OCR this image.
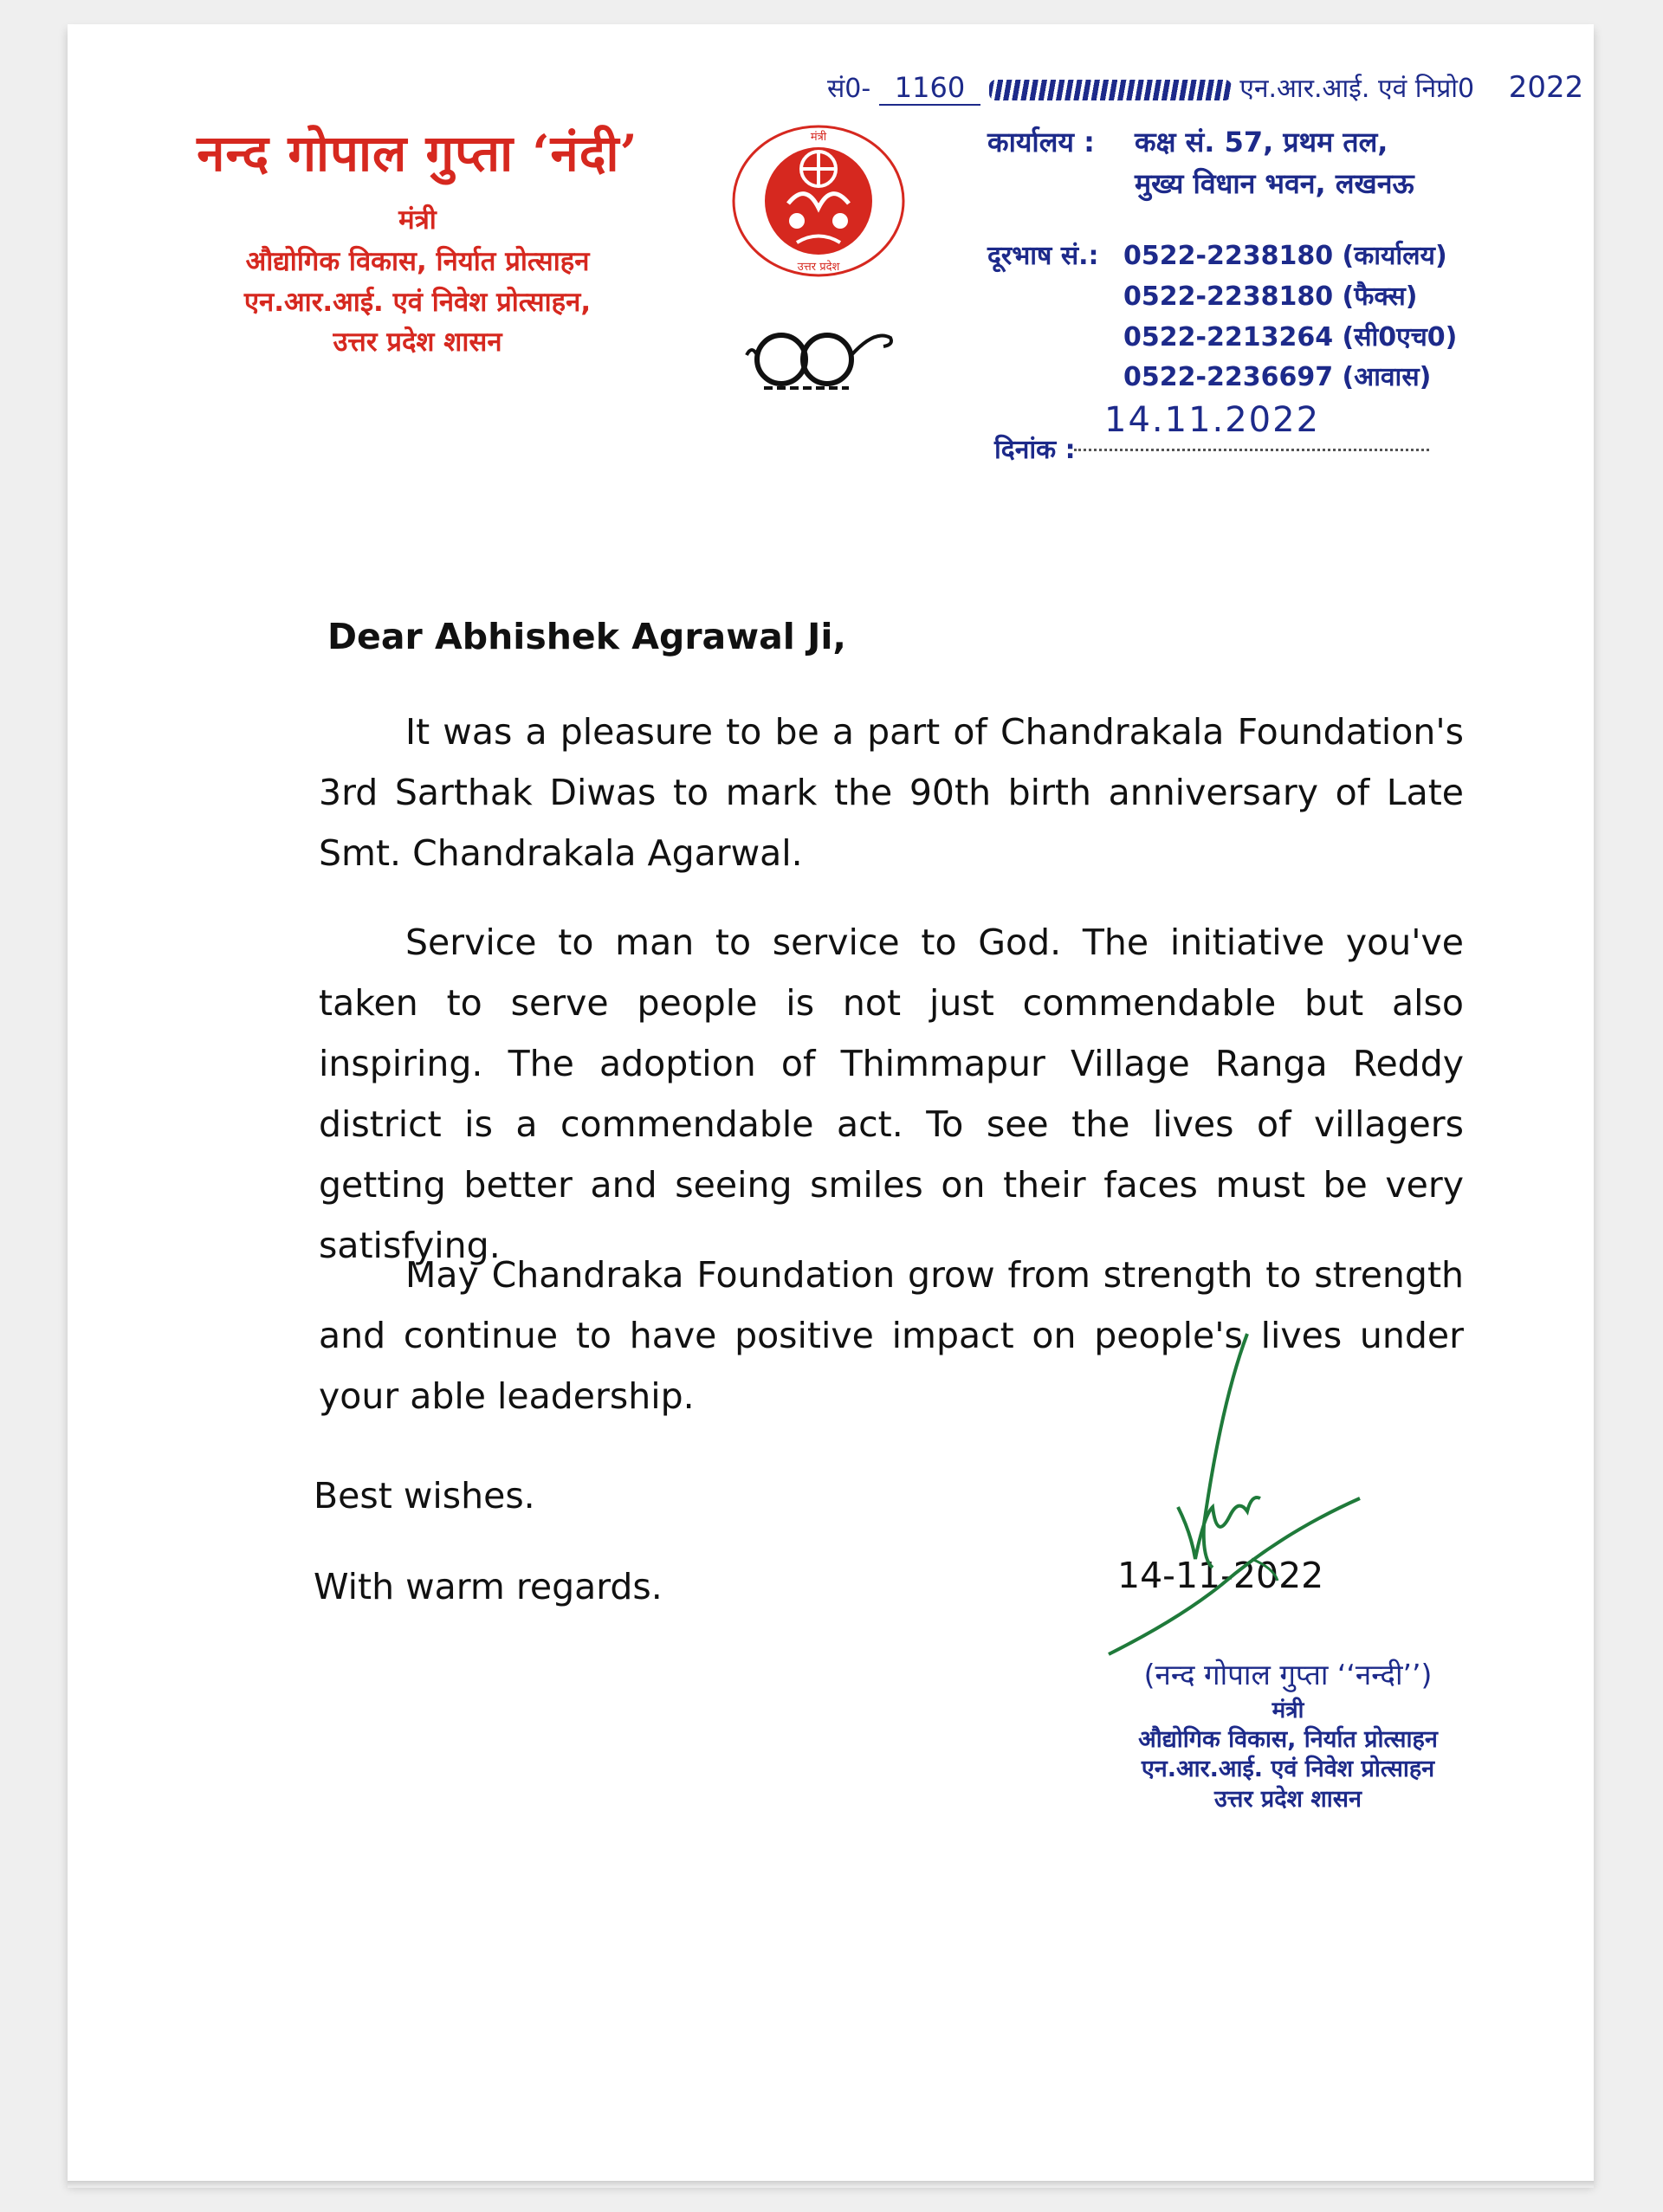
नन्द गोपाल गुप्ता ‘नंदी’
मंत्री
औद्योगिक विकास, निर्यात प्रोत्साहन
एन.आर.आई. एवं निवेश प्रोत्साहन,
उत्तर प्रदेश शासन
मंत्री
उत्तर प्रदेश
सं0- 1160	एन.आर.आई. एवं निप्रो0 2022
कार्यालय : कक्ष सं. 57, प्रथम तल,
मुख्य विधान भवन, लखनऊ
दूरभाष सं.: 0522-2238180 (कार्यालय)
0522-2238180 (फैक्स)
0522-2213264 (सी0एच0)
0522-2236697 (आवास)
दिनांक :
14.11.2022
Dear Abhishek Agrawal Ji,
It was a pleasure to be a part of Chandrakala Foundation's 3rd Sarthak Diwas to mark the 90th birth anniversary of Late Smt. Chandrakala Agarwal.
Service to man to service to God. The initiative you've taken to serve people is not just commendable but also inspiring. The adoption of Thimmapur Village Ranga Reddy district is a commendable act. To see the lives of villagers getting better and seeing smiles on their faces must be very satisfying.
May Chandraka Foundation grow from strength to strength and continue to have positive impact on people's lives under your able leadership.
Best wishes.
With warm regards.	14-11-2022
(नन्द गोपाल गुप्ता ‘‘नन्दी’’)
मंत्री
औद्योगिक विकास, निर्यात प्रोत्साहन
एन.आर.आई. एवं निवेश प्रोत्साहन
उत्तर प्रदेश शासन
